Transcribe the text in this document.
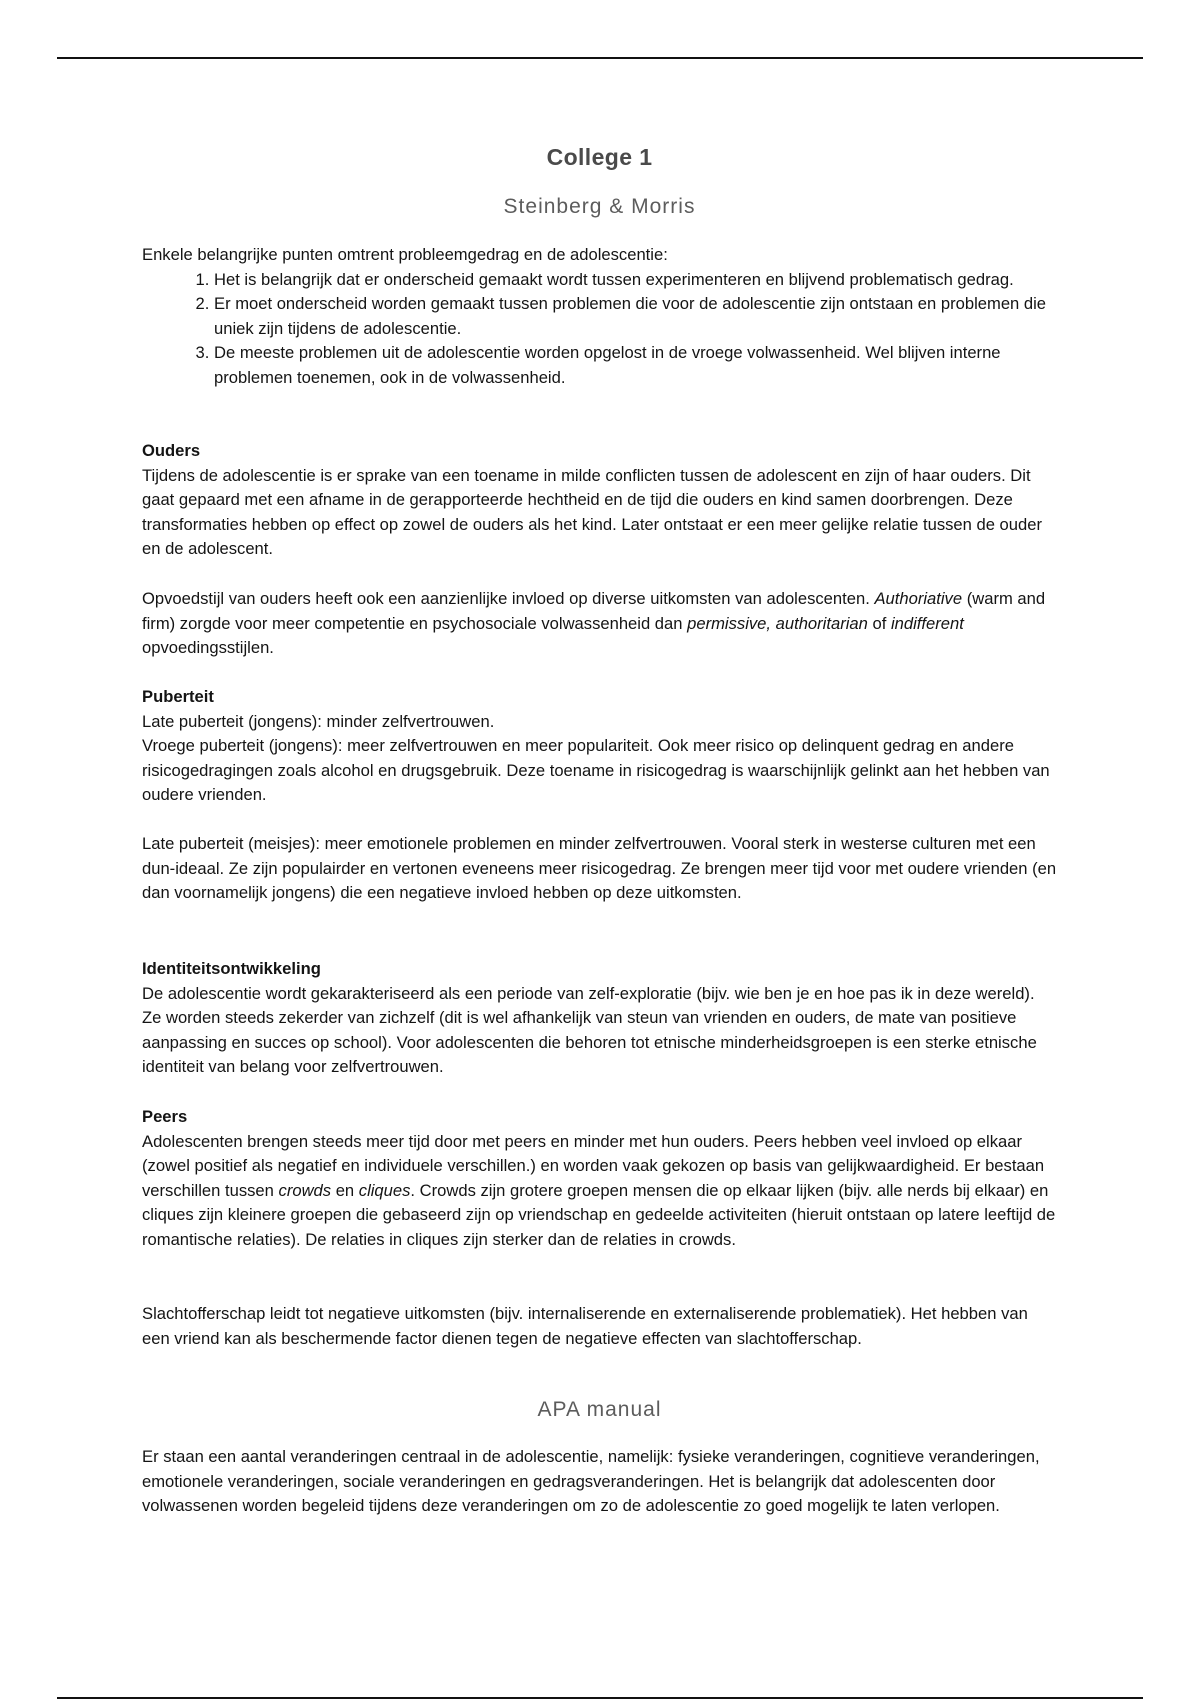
College 1
Steinberg & Morris

Enkele belangrijke punten omtrent probleemgedrag en de adolescentie:

1. Het is belangrijk dat er onderscheid gemaakt wordt tussen experimenteren en blijvend problematisch gedrag.
2. Er moet onderscheid worden gemaakt tussen problemen die voor de adolescentie zijn ontstaan en problemen die uniek zijn tijdens de adolescentie.
3. De meeste problemen uit de adolescentie worden opgelost in de vroege volwassenheid. Wel blijven interne problemen toenemen, ook in de volwassenheid.

Ouders

Tijdens de adolescentie is er sprake van een toename in milde conflicten tussen de adolescent en zijn of haar ouders. Dit gaat gepaard met een afname in de gerapporteerde hechtheid en de tijd die ouders en kind samen doorbrengen. Deze transformaties hebben op effect op zowel de ouders als het kind. Later ontstaat er een meer gelijke relatie tussen de ouder en de adolescent.

Opvoedstijl van ouders heeft ook een aanzienlijke invloed op diverse uitkomsten van adolescenten. Authoriative (warm and firm) zorgde voor meer competentie en psychosociale volwassenheid dan permissive, authoritarian of indifferent opvoedingsstijlen.

Puberteit

Late puberteit (jongens): minder zelfvertrouwen.

Vroege puberteit (jongens): meer zelfvertrouwen en meer populariteit. Ook meer risico op delinquent gedrag en andere risicogedragingen zoals alcohol en drugsgebruik. Deze toename in risicogedrag is waarschijnlijk gelinkt aan het hebben van oudere vrienden.

Late puberteit (meisjes): meer emotionele problemen en minder zelfvertrouwen. Vooral sterk in westerse culturen met een dun-ideaal. Ze zijn populairder en vertonen eveneens meer risicogedrag. Ze brengen meer tijd voor met oudere vrienden (en dan voornamelijk jongens) die een negatieve invloed hebben op deze uitkomsten.

Identiteitsontwikkeling

De adolescentie wordt gekarakteriseerd als een periode van zelf-exploratie (bijv. wie ben je en hoe pas ik in deze wereld). Ze worden steeds zekerder van zichzelf (dit is wel afhankelijk van steun van vrienden en ouders, de mate van positieve aanpassing en succes op school). Voor adolescenten die behoren tot etnische minderheidsgroepen is een sterke etnische identiteit van belang voor zelfvertrouwen.

Peers

Adolescenten brengen steeds meer tijd door met peers en minder met hun ouders. Peers hebben veel invloed op elkaar (zowel positief als negatief en individuele verschillen.) en worden vaak gekozen op basis van gelijkwaardigheid. Er bestaan verschillen tussen crowds en cliques. Crowds zijn grotere groepen mensen die op elkaar lijken (bijv. alle nerds bij elkaar) en cliques zijn kleinere groepen die gebaseerd zijn op vriendschap en gedeelde activiteiten (hieruit ontstaan op latere leeftijd de romantische relaties). De relaties in cliques zijn sterker dan de relaties in crowds.

Slachtofferschap leidt tot negatieve uitkomsten (bijv. internaliserende en externaliserende problematiek). Het hebben van een vriend kan als beschermende factor dienen tegen de negatieve effecten van slachtofferschap.

APA manual

Er staan een aantal veranderingen centraal in de adolescentie, namelijk: fysieke veranderingen, cognitieve veranderingen, emotionele veranderingen, sociale veranderingen en gedragsveranderingen. Het is belangrijk dat adolescenten door volwassenen worden begeleid tijdens deze veranderingen om zo de adolescentie zo goed mogelijk te laten verlopen.
